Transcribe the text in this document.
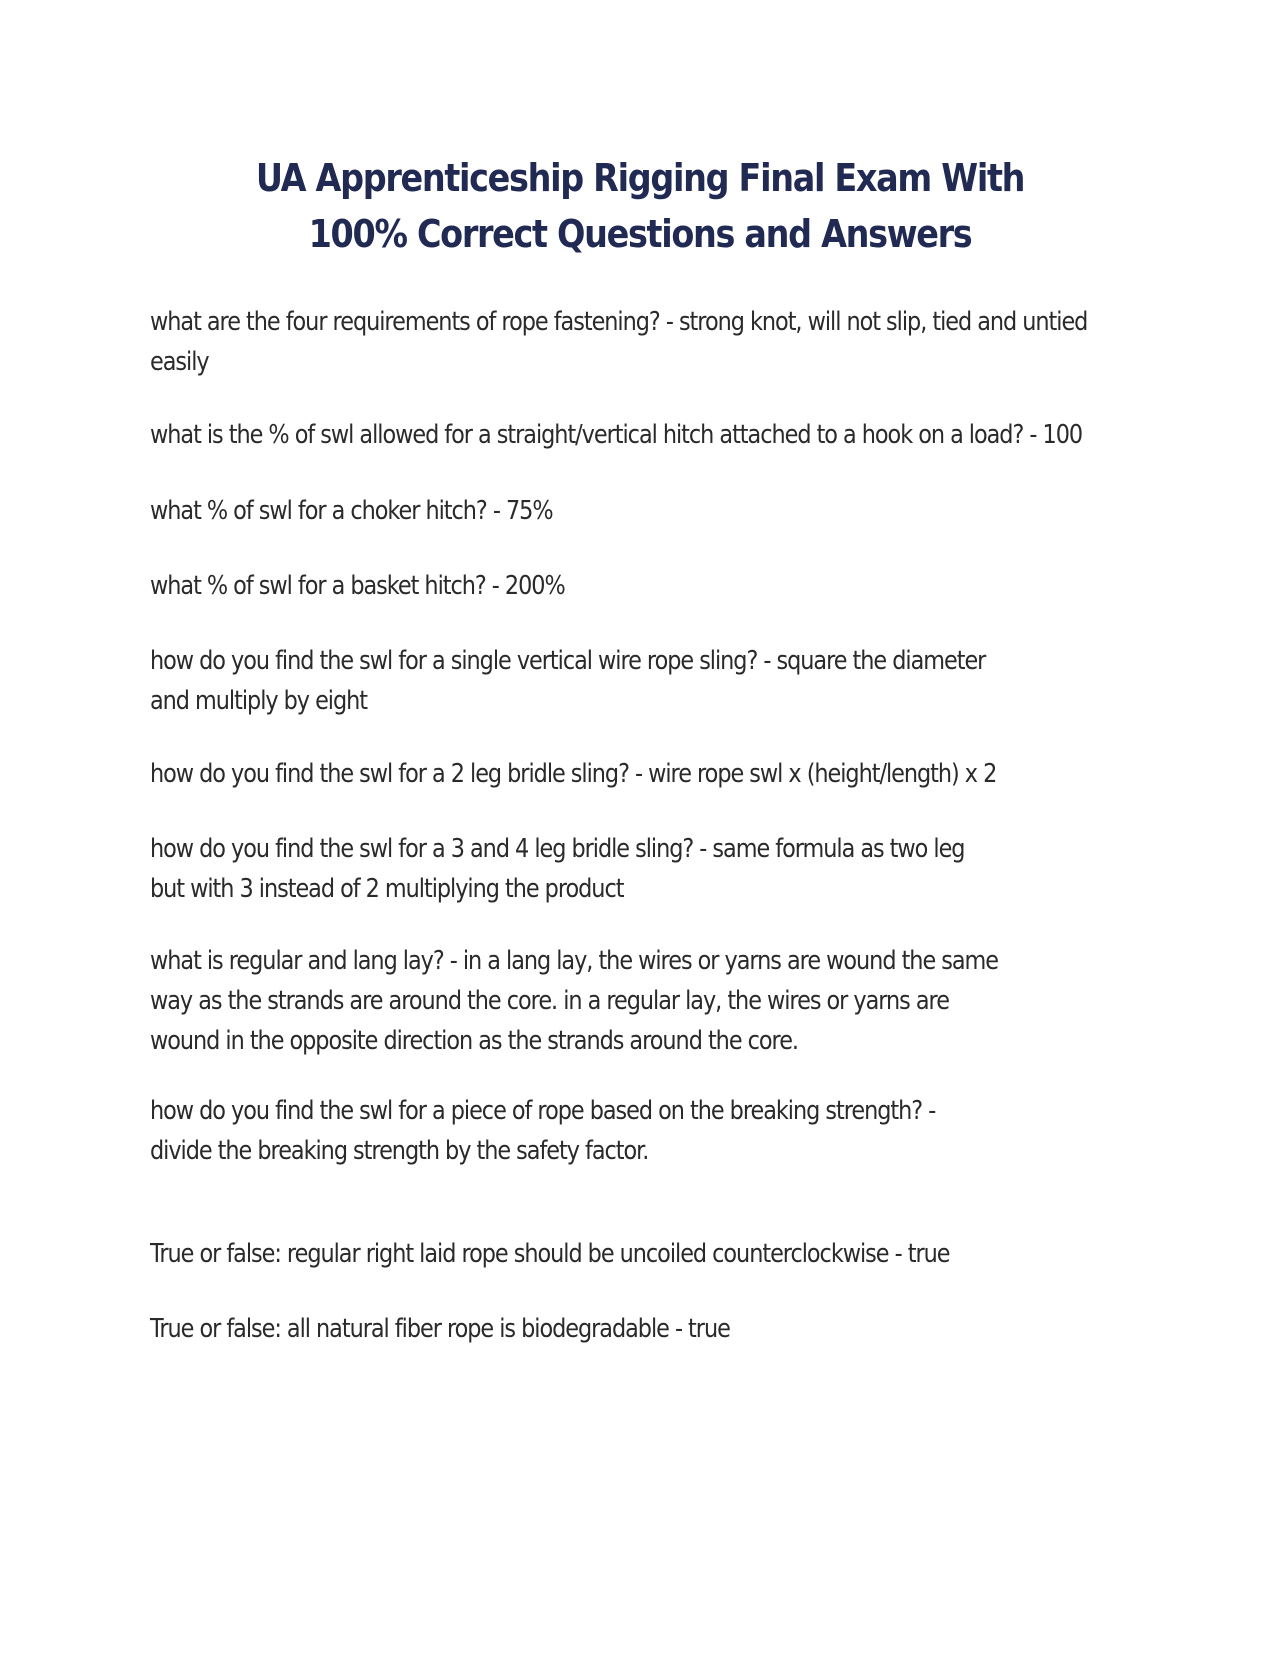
UA Apprenticeship Rigging Final Exam With 100% Correct Questions and Answers

what are the four requirements of rope fastening? - strong knot, will not slip, tied and untied easily

what is the % of swl allowed for a straight/vertical hitch attached to a hook on a load? - 100

what % of swl for a choker hitch? - 75%

what % of swl for a basket hitch? - 200%

how do you find the swl for a single vertical wire rope sling? - square the diameter and multiply by eight

how do you find the swl for a 2 leg bridle sling? - wire rope swl x (height/length) x 2

how do you find the swl for a 3 and 4 leg bridle sling? - same formula as two leg but with 3 instead of 2 multiplying the product

what is regular and lang lay? - in a lang lay, the wires or yarns are wound the same way as the strands are around the core. in a regular lay, the wires or yarns are wound in the opposite direction as the strands around the core.

how do you find the swl for a piece of rope based on the breaking strength? - divide the breaking strength by the safety factor.

True or false: regular right laid rope should be uncoiled counterclockwise - true

True or false: all natural fiber rope is biodegradable - true
